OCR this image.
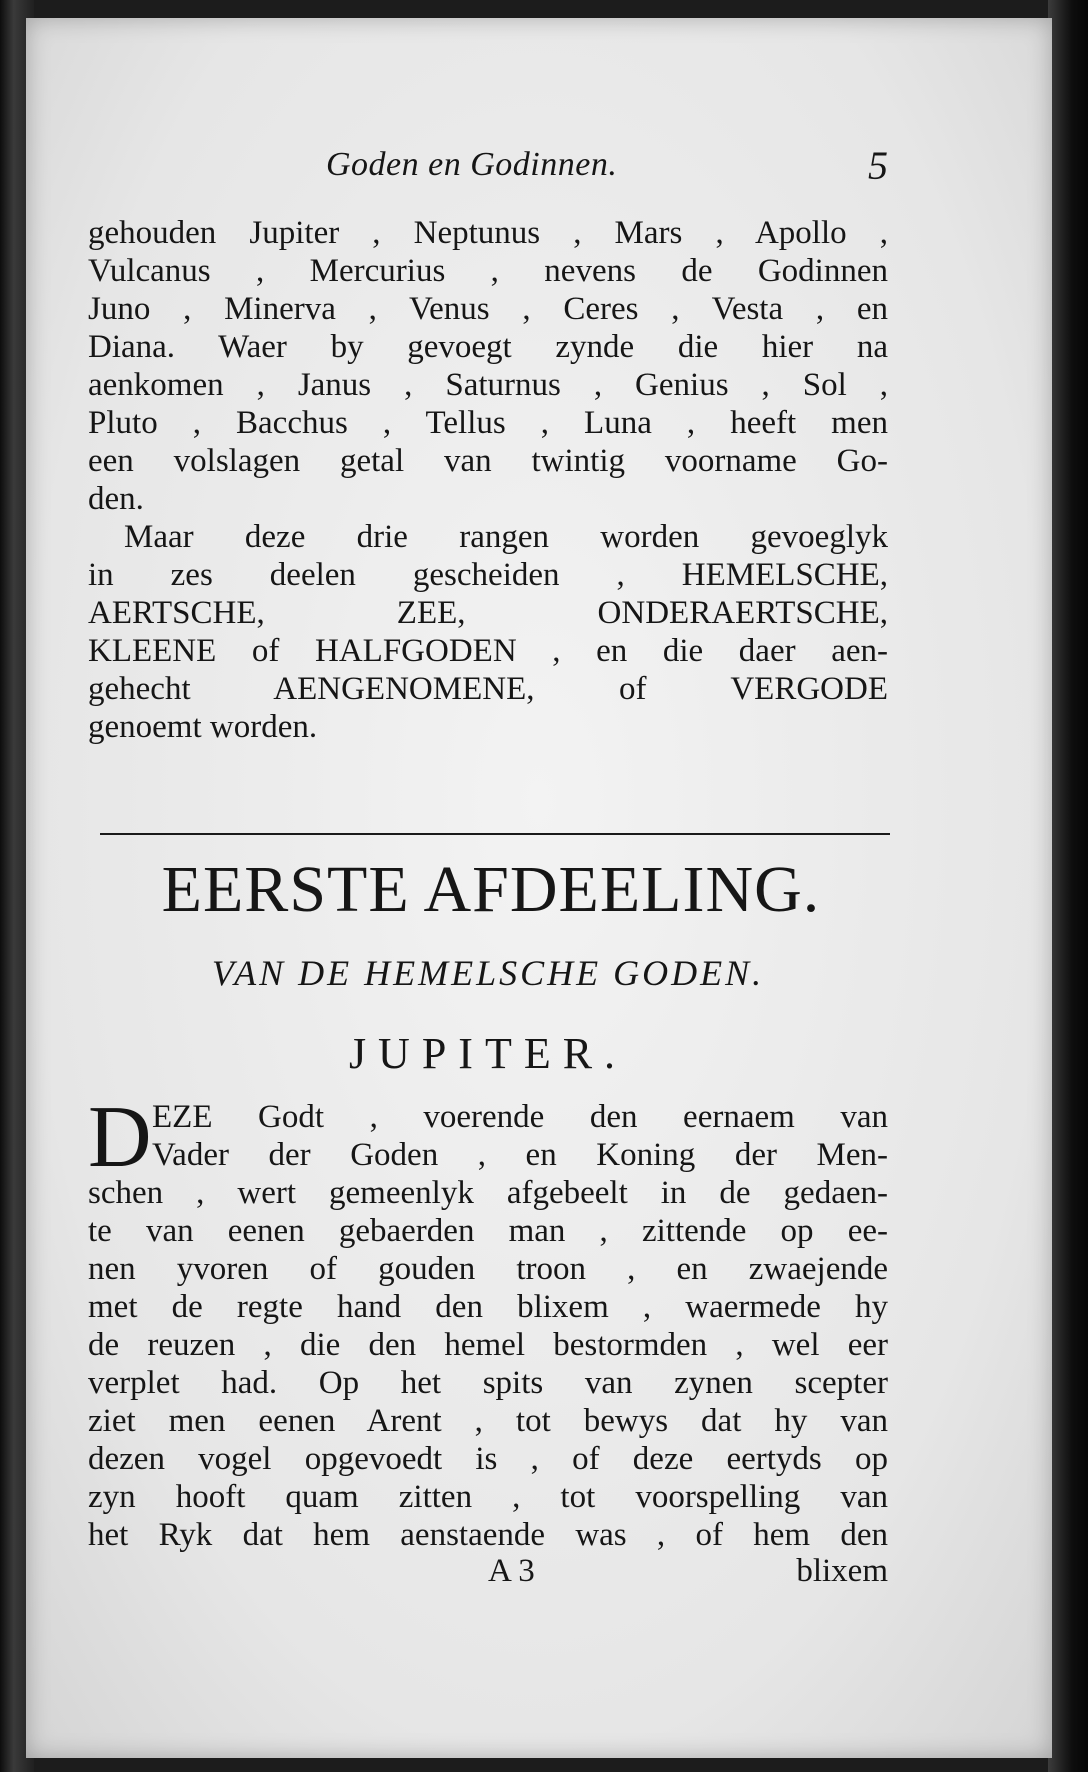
Goden en Godinnen.	5
gehouden Jupiter , Neptunus , Mars , Apollo ,
Vulcanus , Mercurius , nevens de Godinnen
Juno , Minerva , Venus , Ceres , Vesta , en
Diana. Waer by gevoegt zynde die hier na
aenkomen , Janus , Saturnus , Genius , Sol ,
Pluto , Bacchus , Tellus , Luna , heeft men
een volslagen getal van twintig voorname Go-
den.
Maar deze drie rangen worden gevoeglyk
in zes deelen gescheiden , HEMELSCHE,
AERTSCHE, ZEE, ONDERAERTSCHE,
KLEENE of HALFGODEN , en die daer aen-
gehecht AENGENOMENE, of VERGODE
genoemt worden.
EERSTE AFDEELING.
VAN DE HEMELSCHE GODEN.
JUPITER.
D EZE Godt , voerende den eernaem van
Vader der Goden , en Koning der Men-
schen , wert gemeenlyk afgebeelt in de gedaen-
te van eenen gebaerden man , zittende op ee-
nen yvoren of gouden troon , en zwaejende
met de regte hand den blixem , waermede hy
de reuzen , die den hemel bestormden , wel eer
verplet had. Op het spits van zynen scepter
ziet men eenen Arent , tot bewys dat hy van
dezen vogel opgevoedt is , of deze eertyds op
zyn hooft quam zitten , tot voorspelling van
het Ryk dat hem aenstaende was , of hem den
A 3	blixem
